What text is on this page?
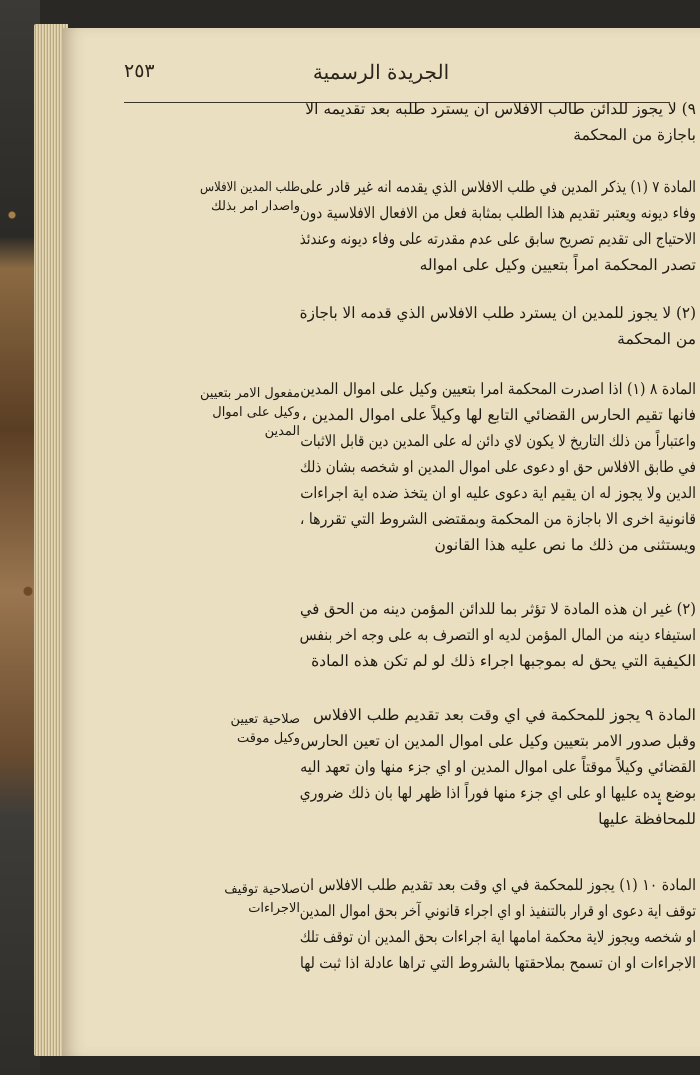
٢٥٣	الجريدة الرسمية
٩) لا يجوز للدائن طالب الافلاس ان يسترد طلبه بعد تقديمه الا
باجازة من المحكمة
المادة ٧ (١) يذكر المدين في طلب الافلاس الذي يقدمه انه غير قادر على
وفاء ديونه ويعتبر تقديم هذا الطلب بمثابة فعل من الافعال الافلاسية دون
الاحتياج الى تقديم تصريح سابق على عدم مقدرته على وفاء ديونه وعندئذ
تصدر المحكمة امراً بتعيين وكيل على امواله
طلب المدين الافلاس
واصدار امر بذلك
(٢) لا يجوز للمدين ان يسترد طلب الافلاس الذي قدمه الا باجازة
من المحكمة
المادة ٨ (١) اذا اصدرت المحكمة امرا بتعيين وكيل على اموال المدين
فانها تقيم الحارس القضائي التابع لها وكيلاً على اموال المدين ،
واعتباراً من ذلك التاريخ لا يكون لاي دائن له على المدين دين قابل الاثبات
في طابق الافلاس حق او دعوى على اموال المدين او شخصه بشان ذلك
الدين ولا يجوز له ان يقيم اية دعوى عليه او ان يتخذ ضده اية اجراءات
قانونية اخرى الا باجازة من المحكمة وبمقتضى الشروط التي تقررها ،
ويستثنى من ذلك ما نص عليه هذا القانون
مفعول الامر بتعيين
وكيل على اموال
المدين
(٢) غير ان هذه المادة لا تؤثر بما للدائن المؤمن دينه من الحق في
استيفاء دينه من المال المؤمن لديه او التصرف به على وجه اخر بنفس
الكيفية التي يحق له بموجبها اجراء ذلك لو لم تكن هذه المادة
المادة ٩ يجوز للمحكمة في اي وقت بعد تقديم طلب الافلاس
وقبل صدور الامر بتعيين وكيل على اموال المدين ان تعين الحارس
القضائي وكيلاً موقتاً على اموال المدين او اي جزء منها وان تعهد اليه
بوضع يده عليها او على اي جزء منها فوراً اذا ظهر لها بان ذلك ضروري
للمحافظة عليها
صلاحية تعيين
وكيل موقت
المادة ١٠ (١) يجوز للمحكمة في اي وقت بعد تقديم طلب الافلاس ان
توقف اية دعوى او قرار بالتنفيذ او اي اجراء قانوني آخر بحق اموال المدين
او شخصه ويجوز لاية محكمة امامها اية اجراءات بحق المدين ان توقف تلك
الاجراءات او ان تسمح بملاحقتها بالشروط التي تراها عادلة اذا ثبت لها
صلاحية توقيف
الاجراءات
